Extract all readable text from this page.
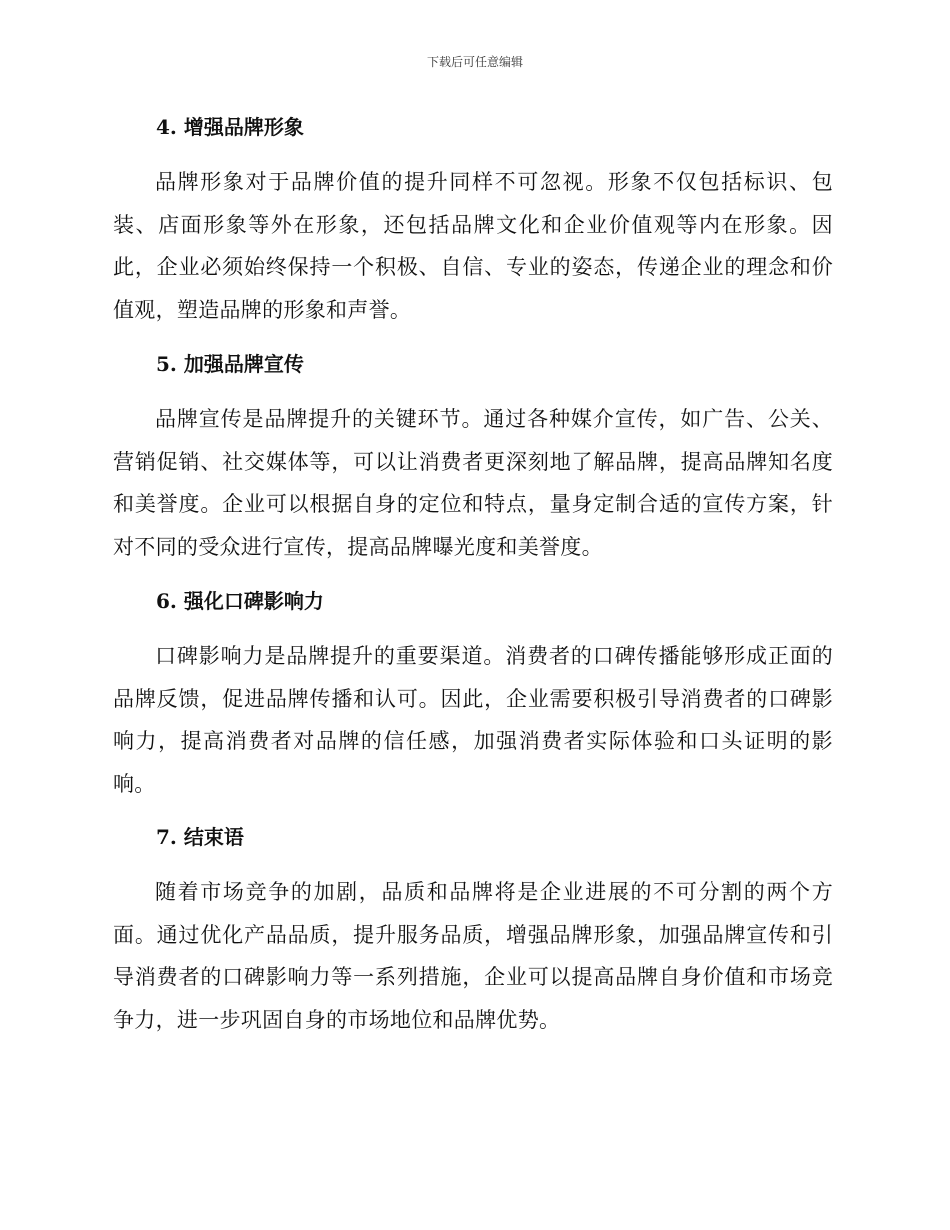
下载后可任意编辑
4. 增强品牌形象

品牌形象对于品牌价值的提升同样不可忽视。形象不仅包括标识、包装、店面形象等外在形象，还包括品牌文化和企业价值观等内在形象。因此，企业必须始终保持一个积极、自信、专业的姿态，传递企业的理念和价值观，塑造品牌的形象和声誉。

5. 加强品牌宣传

品牌宣传是品牌提升的关键环节。通过各种媒介宣传，如广告、公关、营销促销、社交媒体等，可以让消费者更深刻地了解品牌，提高品牌知名度和美誉度。企业可以根据自身的定位和特点，量身定制合适的宣传方案，针对不同的受众进行宣传，提高品牌曝光度和美誉度。

6. 强化口碑影响力

口碑影响力是品牌提升的重要渠道。消费者的口碑传播能够形成正面的品牌反馈，促进品牌传播和认可。因此，企业需要积极引导消费者的口碑影响力，提高消费者对品牌的信任感，加强消费者实际体验和口头证明的影响。

7. 结束语

随着市场竞争的加剧，品质和品牌将是企业进展的不可分割的两个方面。通过优化产品品质，提升服务品质，增强品牌形象，加强品牌宣传和引导消费者的口碑影响力等一系列措施，企业可以提高品牌自身价值和市场竞争力，进一步巩固自身的市场地位和品牌优势。
